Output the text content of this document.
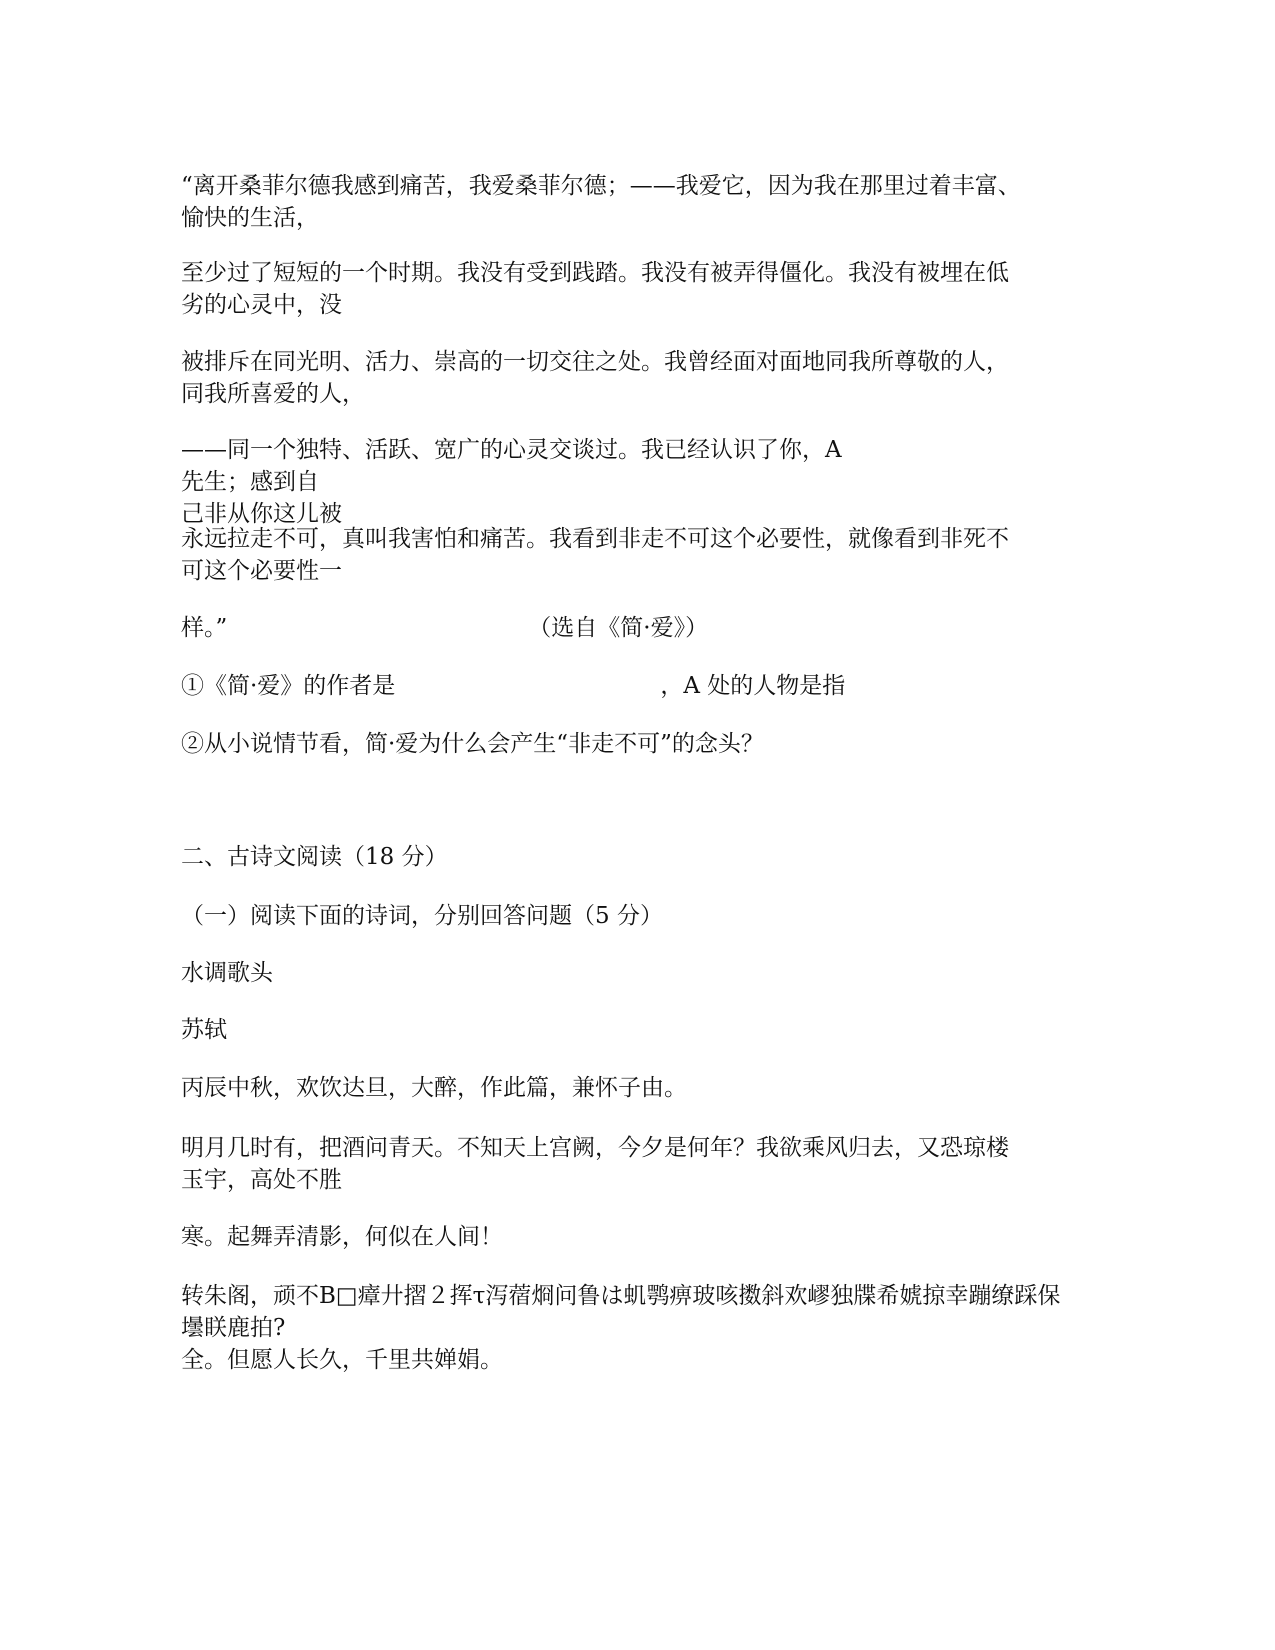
“离开桑菲尔德我感到痛苦，我爱桑菲尔德；——我爱它，因为我在那里过着丰富、
愉快的生活，
至少过了短短的一个时期。我没有受到践踏。我没有被弄得僵化。我没有被埋在低
劣的心灵中，没
被排斥在同光明、活力、崇高的一切交往之处。我曾经面对面地同我所尊敬的人，
同我所喜爱的人，
——同一个独特、活跃、宽广的心灵交谈过。我已经认识了你，A
先生；感到自
己非从你这儿被
永远拉走不可，真叫我害怕和痛苦。我看到非走不可这个必要性，就像看到非死不
可这个必要性一
样。”	（选自《简·爱》）
①《简·爱》的作者是	，A 处的人物是指
②从小说情节看，简·爱为什么会产生“非走不可”的念头？
二、古诗文阅读（18 分）
（一）阅读下面的诗词，分别回答问题（5 分）
水调歌头
苏轼
丙辰中秋，欢饮达旦，大醉，作此篇，兼怀子由。
明月几时有，把酒问青天。不知天上宫阙，今夕是何年？我欲乘风归去，又恐琼楼
玉宇，高处不胜
寒。起舞弄清影，何似在人间！
转朱阁，顽不B□瘴廾摺２挥τ泻蓿烱问鲁は虮鹗痹玻咳擞斜欢嵺独牒希婋掠幸蹦缭踩保
壜眹鹿拍?
全。但愿人长久，千里共婵娟。
